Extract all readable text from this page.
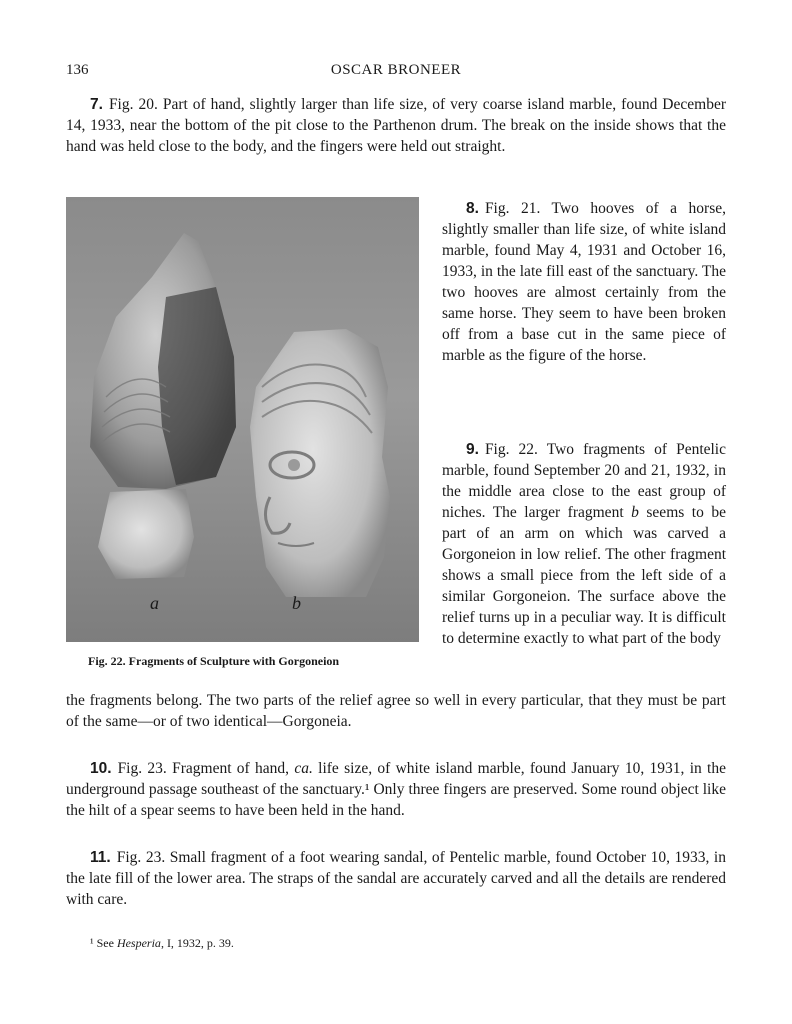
136	OSCAR BRONEER

7. Fig. 20. Part of hand, slightly larger than life size, of very coarse island marble, found December 14, 1933, near the bottom of the pit close to the Parthenon drum. The break on the inside shows that the hand was held close to the body, and the fingers were held out straight.

a	b
Fig. 22. Fragments of Sculpture with Gorgoneion

8. Fig. 21. Two hooves of a horse, slightly smaller than life size, of white island marble, found May 4, 1931 and October 16, 1933, in the late fill east of the sanctuary. The two hooves are almost certainly from the same horse. They seem to have been broken off from a base cut in the same piece of marble as the figure of the horse.

9. Fig. 22. Two fragments of Pentelic marble, found September 20 and 21, 1932, in the middle area close to the east group of niches. The larger fragment b seems to be part of an arm on which was carved a Gorgoneion in low relief. The other fragment shows a small piece from the left side of a similar Gorgoneion. The surface above the relief turns up in a peculiar way. It is difficult to determine exactly to what part of the body

the fragments belong. The two parts of the relief agree so well in every particular, that they must be part of the same—or of two identical—Gorgoneia.

10. Fig. 23. Fragment of hand, ca. life size, of white island marble, found January 10, 1931, in the underground passage southeast of the sanctuary.¹ Only three fingers are preserved. Some round object like the hilt of a spear seems to have been held in the hand.

11. Fig. 23. Small fragment of a foot wearing sandal, of Pentelic marble, found October 10, 1933, in the late fill of the lower area. The straps of the sandal are accurately carved and all the details are rendered with care.

¹ See Hesperia, I, 1932, p. 39.
